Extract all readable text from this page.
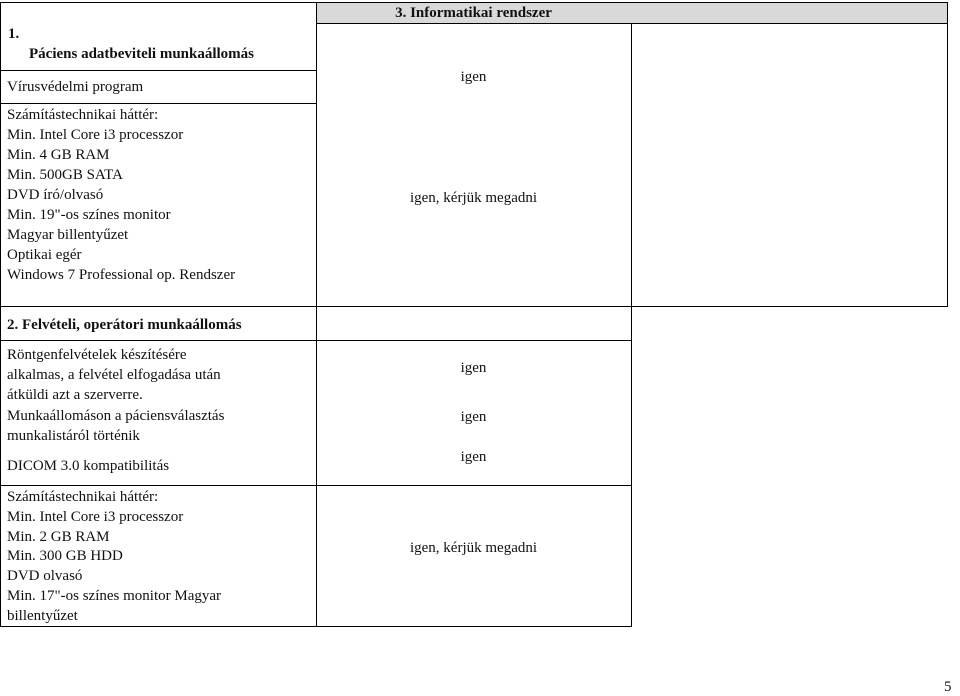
1.
Páciens adatbeviteli munkaállomás
Vírusvédelmi program
igen
Számítástechnikai háttér:
Min. Intel Core i3 processzor
Min. 4 GB RAM
Min. 500GB SATA
DVD író/olvasó
Min. 19"-os színes monitor
Magyar billentyűzet
Optikai egér
Windows 7 Professional op. Rendszer
igen, kérjük megadni
3. Informatikai rendszer
2. Felvételi, operátori munkaállomás
Röntgenfelvételek készítésére
alkalmas, a felvétel elfogadása után
átküldi azt a szerverre.
igen
Munkaállomáson a páciensválasztás
munkalistáról történik
igen
DICOM 3.0 kompatibilitás
igen
Számítástechnikai háttér:
Min. Intel Core i3 processzor
Min. 2 GB RAM
Min. 300 GB HDD
DVD olvasó
Min. 17"-os színes monitor Magyar
billentyűzet
igen, kérjük megadni
5
